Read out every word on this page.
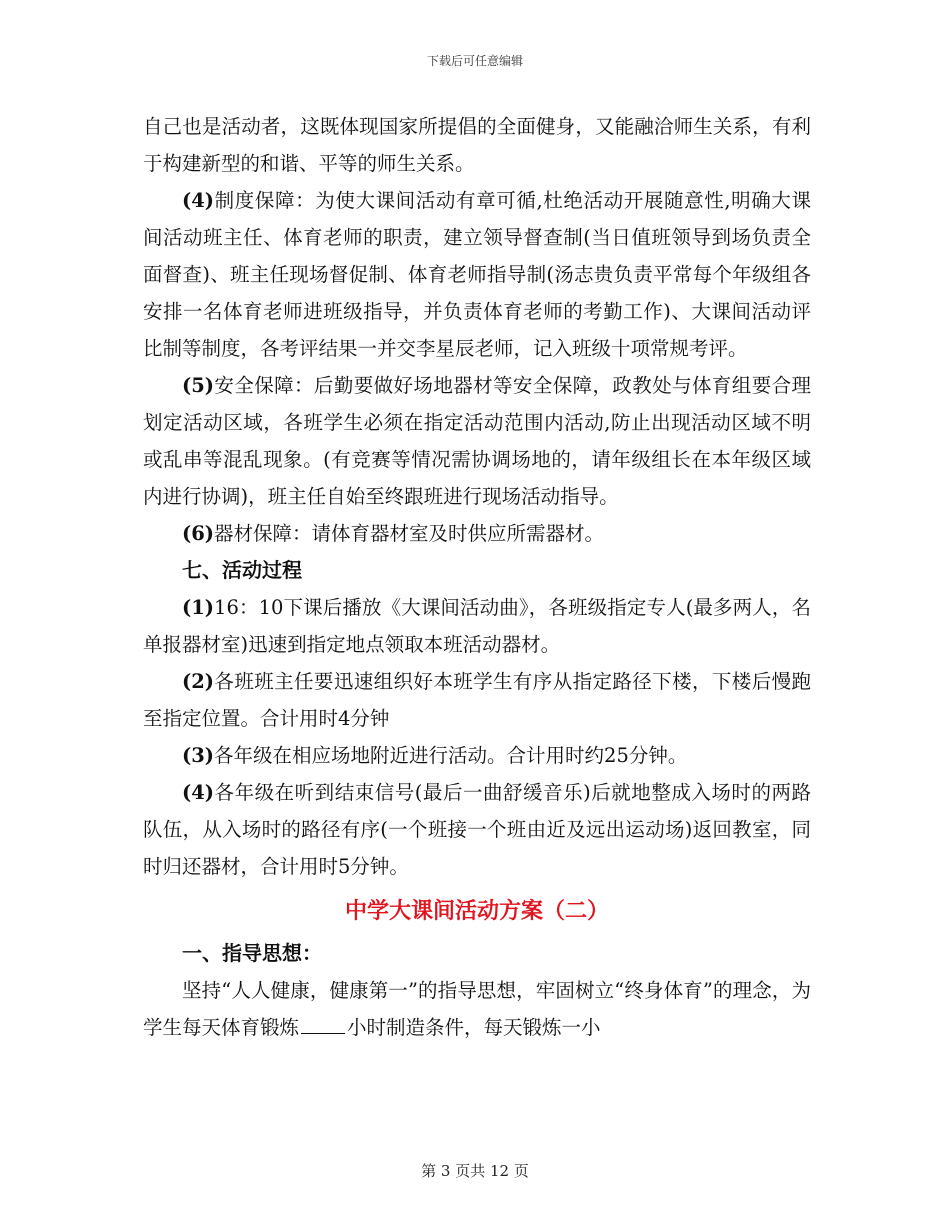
下载后可任意编辑

自己也是活动者，这既体现国家所提倡的全面健身，又能融洽师生关系，有利于构建新型的和谐、平等的师生关系。

(4)制度保障：为使大课间活动有章可循,杜绝活动开展随意性,明确大课间活动班主任、体育老师的职责，建立领导督查制(当日值班领导到场负责全面督查)、班主任现场督促制、体育老师指导制(汤志贵负责平常每个年级组各安排一名体育老师进班级指导，并负责体育老师的考勤工作)、大课间活动评比制等制度，各考评结果一并交李星辰老师，记入班级十项常规考评。

(5)安全保障：后勤要做好场地器材等安全保障，政教处与体育组要合理划定活动区域，各班学生必须在指定活动范围内活动,防止出现活动区域不明或乱串等混乱现象。(有竞赛等情况需协调场地的，请年级组长在本年级区域内进行协调)，班主任自始至终跟班进行现场活动指导。

(6)器材保障：请体育器材室及时供应所需器材。

七、活动过程

(1)16：10下课后播放《大课间活动曲》，各班级指定专人(最多两人，名单报器材室)迅速到指定地点领取本班活动器材。

(2)各班班主任要迅速组织好本班学生有序从指定路径下楼，下楼后慢跑至指定位置。合计用时4分钟

(3)各年级在相应场地附近进行活动。合计用时约25分钟。

(4)各年级在听到结束信号(最后一曲舒缓音乐)后就地整成入场时的两路队伍，从入场时的路径有序(一个班接一个班由近及远出运动场)返回教室，同时归还器材，合计用时5分钟。

中学大课间活动方案（二）

一、指导思想：

坚持“人人健康，健康第一”的指导思想，牢固树立“终身体育”的理念，为学生每天体育锻炼 小时制造条件，每天锻炼一小

第 3 页共 12 页
